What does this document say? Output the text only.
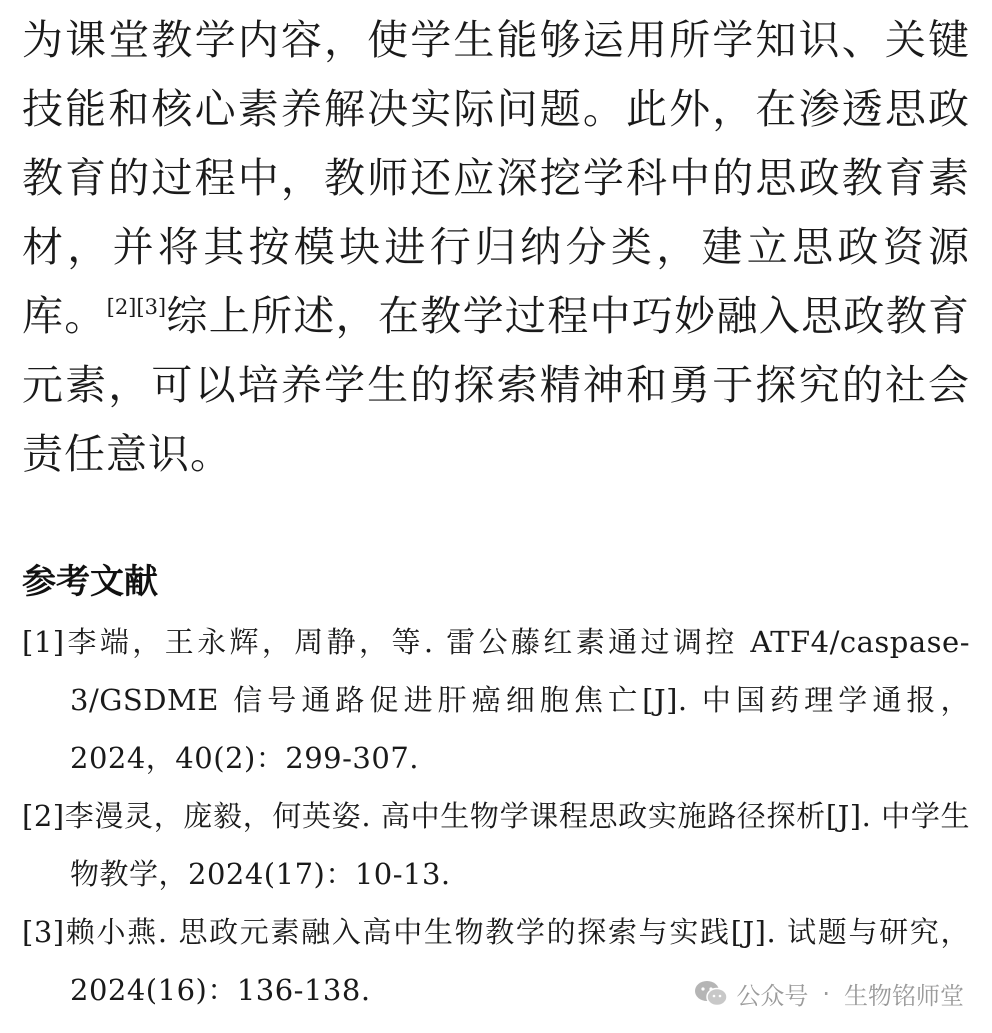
为课堂教学内容，使学生能够运用所学知识、关键技能和核心素养解决实际问题。此外，在渗透思政教育的过程中，教师还应深挖学科中的思政教育素材，并将其按模块进行归纳分类，建立思政资源库。[2][3]综上所述，在教学过程中巧妙融入思政教育元素，可以培养学生的探索精神和勇于探究的社会责任意识。

参考文献
[1]李端，王永辉，周静，等. 雷公藤红素通过调控 ATF4/caspase-3/GSDME 信号通路促进肝癌细胞焦亡[J]. 中国药理学通报，2024，40(2)：299-307.
[2]李漫灵，庞毅，何英姿. 高中生物学课程思政实施路径探析[J]. 中学生物教学，2024(17)：10-13.
[3]赖小燕. 思政元素融入高中生物教学的探索与实践[J]. 试题与研究，2024(16)：136-138.	公众号 · 生物铭师堂
